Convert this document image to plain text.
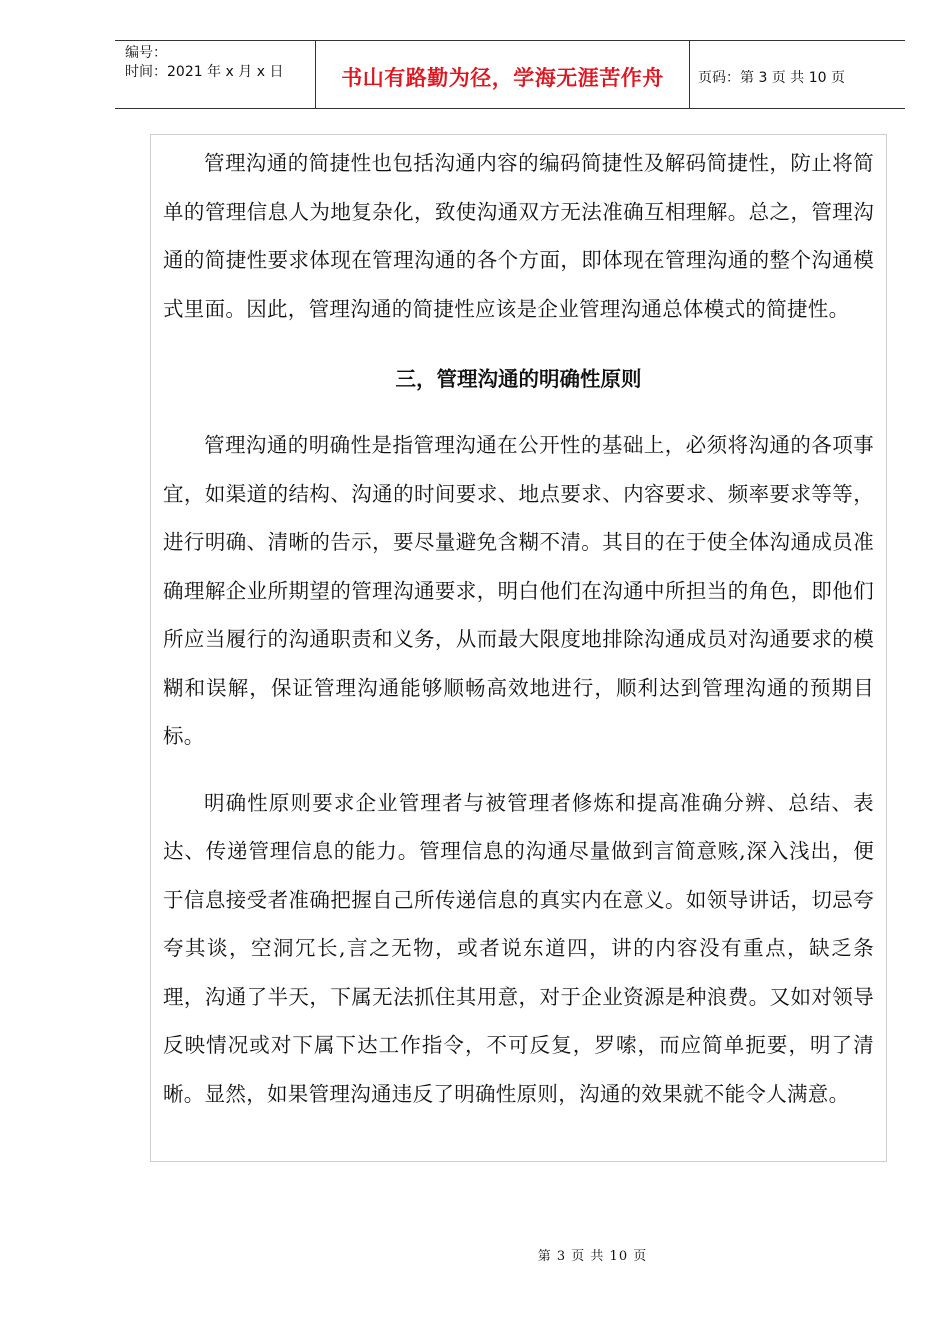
编号：
时间：2021 年 x 月 x 日	书山有路勤为径，学海无涯苦作舟	页码：第 3 页 共 10 页

管理沟通的简捷性也包括沟通内容的编码简捷性及解码简捷性，防止将简单的管理信息人为地复杂化，致使沟通双方无法准确互相理解。总之，管理沟通的简捷性要求体现在管理沟通的各个方面，即体现在管理沟通的整个沟通模式里面。因此，管理沟通的简捷性应该是企业管理沟通总体模式的简捷性。

三，管理沟通的明确性原则

管理沟通的明确性是指管理沟通在公开性的基础上，必须将沟通的各项事宜，如渠道的结构、沟通的时间要求、地点要求、内容要求、频率要求等等，进行明确、清晰的告示，要尽量避免含糊不清。其目的在于使全体沟通成员准确理解企业所期望的管理沟通要求，明白他们在沟通中所担当的角色，即他们所应当履行的沟通职责和义务，从而最大限度地排除沟通成员对沟通要求的模糊和误解，保证管理沟通能够顺畅高效地进行，顺利达到管理沟通的预期目标。

明确性原则要求企业管理者与被管理者修炼和提高准确分辨、总结、表达、传递管理信息的能力。管理信息的沟通尽量做到言简意赅,深入浅出，便于信息接受者准确把握自己所传递信息的真实内在意义。如领导讲话，切忌夸夸其谈，空洞冗长,言之无物，或者说东道四，讲的内容没有重点，缺乏条理，沟通了半天，下属无法抓住其用意，对于企业资源是种浪费。又如对领导反映情况或对下属下达工作指令，不可反复，罗嗦，而应简单扼要，明了清晰。显然，如果管理沟通违反了明确性原则，沟通的效果就不能令人满意。

第 3 页 共 10 页
